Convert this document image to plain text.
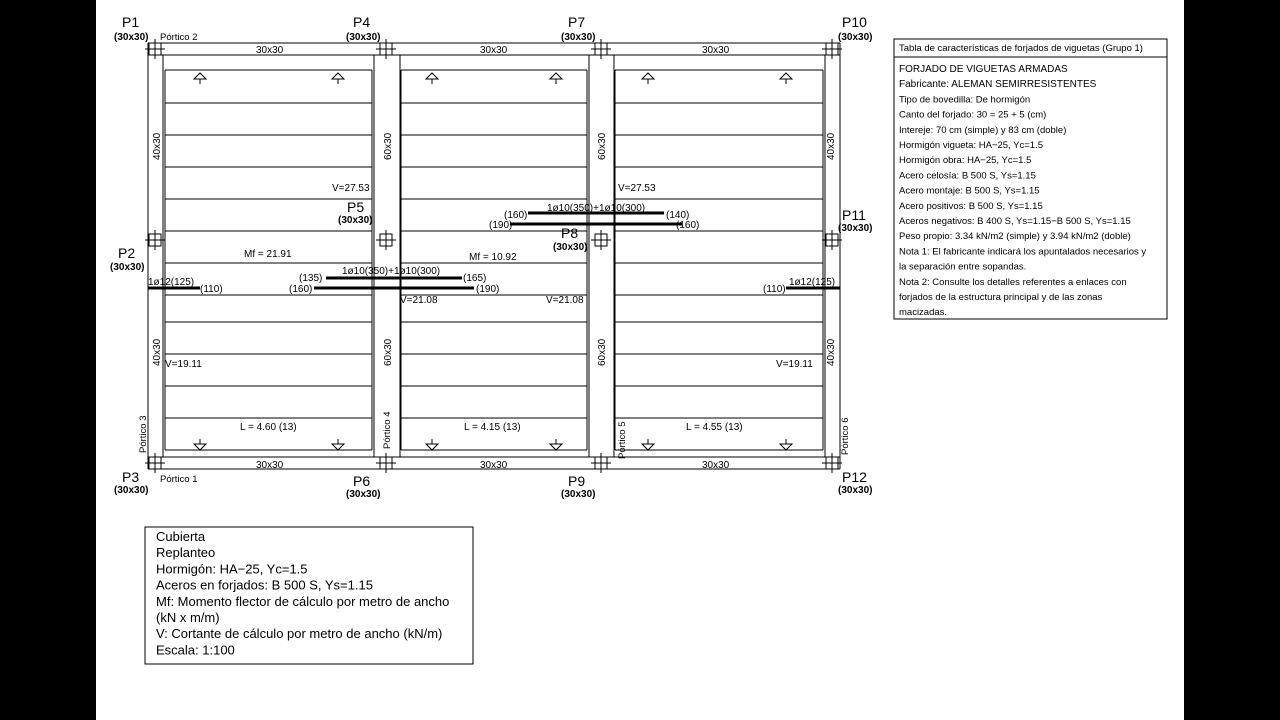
P1
(30x30)
P4
(30x30)
P7
(30x30)
P10
(30x30)
P5
(30x30)
P2
(30x30)
P8
(30x30)
P11
(30x30)
P3
(30x30)
P6
(30x30)
P9
(30x30)
P12
(30x30)
Pórtico 2
Pórtico 1
Pórtico 3	Pórtico 4	Pórtico 5	Pórtico 6
30x30	30x30	30x30
30x30	30x30	30x30
40x30	60x30	60x30	40x30
40x30	60x30	60x30	40x30
V=27.53	V=27.53
V=21.08	V=21.08
V=19.11	V=19.11
Mf = 21.91	Mf = 10.92
L = 4.60 (13)	L = 4.15 (13)	L = 4.55 (13)
1ø10(350)+1ø10(300)
(160)	(140)
(190)	(160)
1ø10(350)+1ø10(300)
(135)	(165)
(160)	(190)
1ø12(125)
(110)
1ø12(125)
(110)
Tabla de características de forjados de viguetas (Grupo 1)
FORJADO DE VIGUETAS ARMADAS
Fabricante: ALEMAN SEMIRRESISTENTES
Tipo de bovedilla: De hormigón
Canto del forjado: 30 = 25 + 5 (cm)
Intereje: 70 cm (simple) y 83 cm (doble)
Hormigón vigueta: HA−25, Yc=1.5
Hormigón obra: HA−25, Yc=1.5
Acero celosía: B 500 S, Ys=1.15
Acero montaje: B 500 S, Ys=1.15
Acero positivos: B 500 S, Ys=1.15
Aceros negativos: B 400 S, Ys=1.15−B 500 S, Ys=1.15
Peso propio: 3.34 kN/m2 (simple) y 3.94 kN/m2 (doble)
Nota 1: El fabricante indicará los apuntalados necesarios y
la separación entre sopandas.
Nota 2: Consulte los detalles referentes a enlaces con
forjados de la estructura principal y de las zonas
macizadas.
Cubierta
Replanteo
Hormigón: HA−25, Yc=1.5
Aceros en forjados: B 500 S, Ys=1.15
Mf: Momento flector de cálculo por metro de ancho
(kN x m/m)
V: Cortante de cálculo por metro de ancho (kN/m)
Escala: 1:100
